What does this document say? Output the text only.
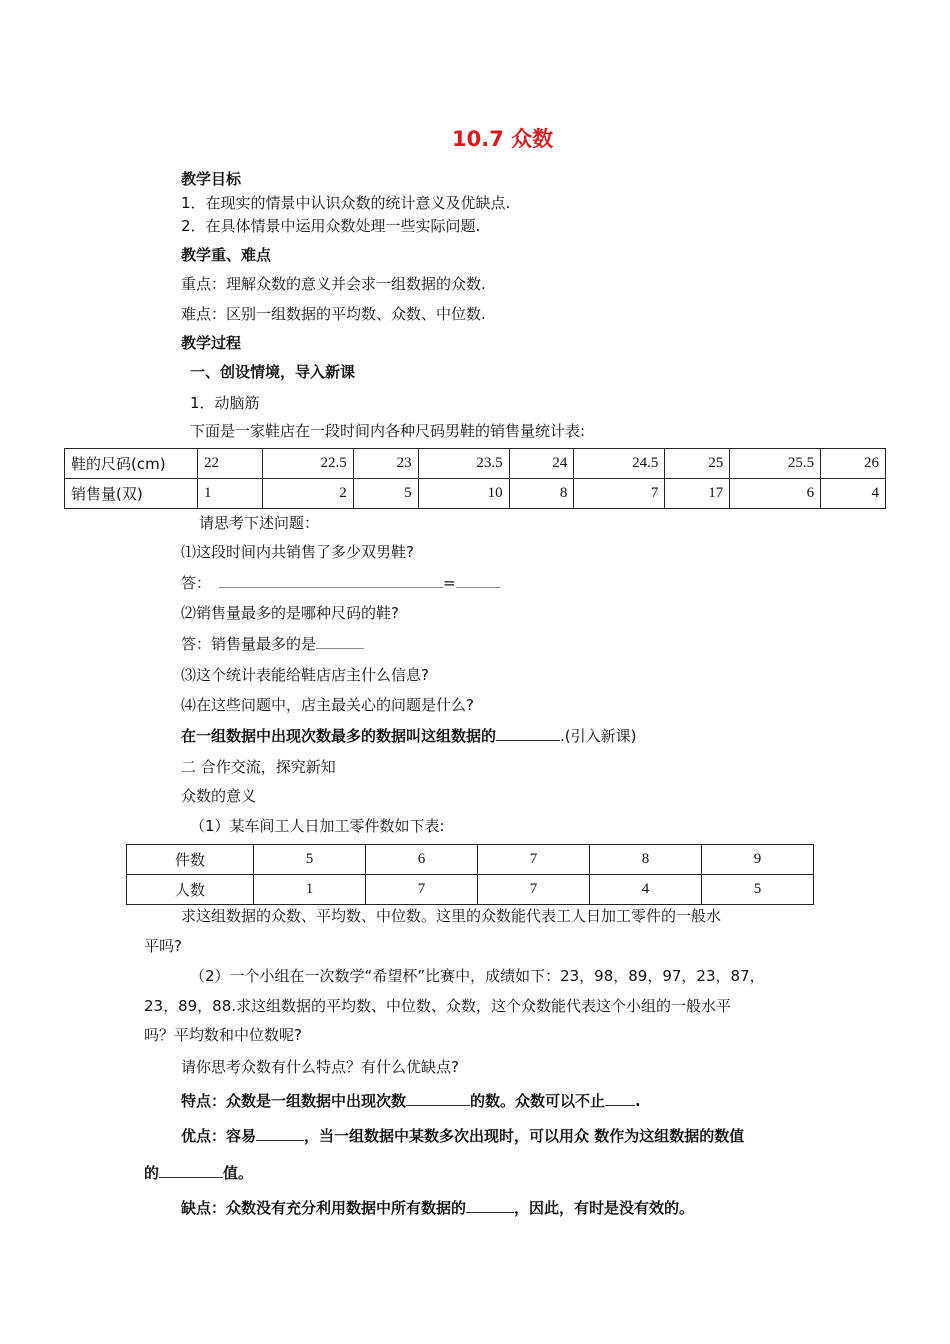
10.7 众数
教学目标
1．在现实的情景中认识众数的统计意义及优缺点.
2．在具体情景中运用众数处理一些实际问题.
教学重、难点
重点：理解众数的意义并会求一组数据的众数.
难点：区别一组数据的平均数、众数、中位数.
教学过程
一、创设情境，导入新课
1．动脑筋
下面是一家鞋店在一段时间内各种尺码男鞋的销售量统计表:
鞋的尺码(cm)	22	22.5	23	23.5	24	24.5	25	25.5	26
销售量(双)	1	2	5	10	8	7	17	6	4
请思考下述问题：
⑴这段时间内共销售了多少双男鞋?
答：	=
⑵销售量最多的是哪种尺码的鞋?
答：销售量最多的是
⑶这个统计表能给鞋店店主什么信息?
⑷在这些问题中，店主最关心的问题是什么?
在一组数据中出现次数最多的数据叫这组数据的	.(引入新课)
二 合作交流，探究新知
众数的意义
（1）某车间工人日加工零件数如下表:
件数	5	6	7	8	9
人数	1	7	7	4	5
求这组数据的众数、平均数、中位数。这里的众数能代表工人日加工零件的一般水
平吗?
（2）一个小组在一次数学“希望杯”比赛中，成绩如下：23，98，89，97，23，87，
23，89，88.求这组数据的平均数、中位数、众数，这个众数能代表这个小组的一般水平
吗？平均数和中位数呢?
请你思考众数有什么特点？有什么优缺点?
特点：众数是一组数据中出现次数	的数。众数可以不止 .
优点：容易	，当一组数据中某数多次出现时，可以用众 数作为这组数据的数值
的	值。
缺点：众数没有充分利用数据中所有数据的	，因此，有时是没有效的。
